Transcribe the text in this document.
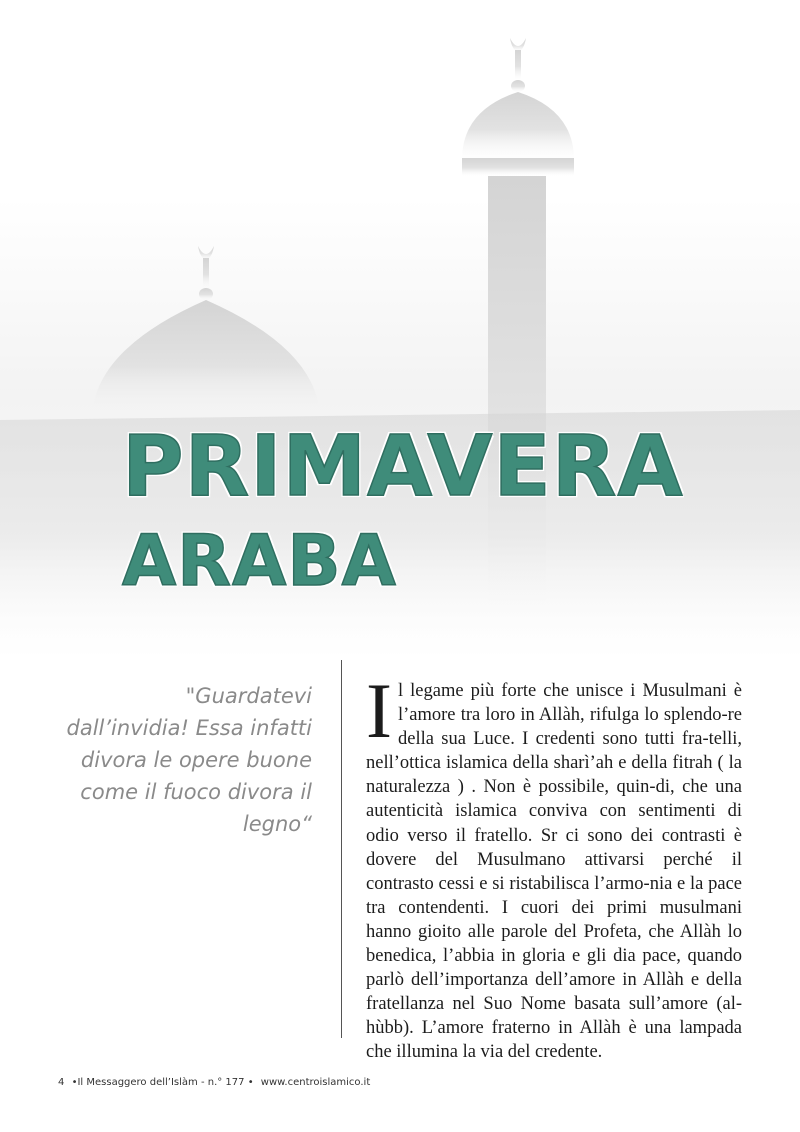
PRIMAVERA
ARABA
"Guardatevi dall’invidia! Essa infatti divora le opere buone come il fuoco divora il legno“
I l legame più forte che unisce i Musulmani è l’amore tra loro in Allàh, rifulga lo splendo-re della sua Luce. I credenti sono tutti fra-telli, nell’ottica islamica della sharì’ah e della fitrah ( la naturalezza ) . Non è possibile, quin-di, che una autenticità islamica conviva con sentimenti di odio verso il fratello. Sr ci sono dei contrasti è dovere del Musulmano attivarsi perché il contrasto cessi e si ristabilisca l’armo-nia e la pace tra contendenti. I cuori dei primi musulmani hanno gioito alle parole del Profeta, che Allàh lo benedica, l’abbia in gloria e gli dia pace, quando parlò dell’importanza dell’amore in Allàh e della fratellanza nel Suo Nome basata sull’amore (al-hùbb). L’amore fraterno in Allàh è una lampada che illumina la via del credente.
4 •Il Messaggero dell’Islàm - n.° 177 • www.centroislamico.it
